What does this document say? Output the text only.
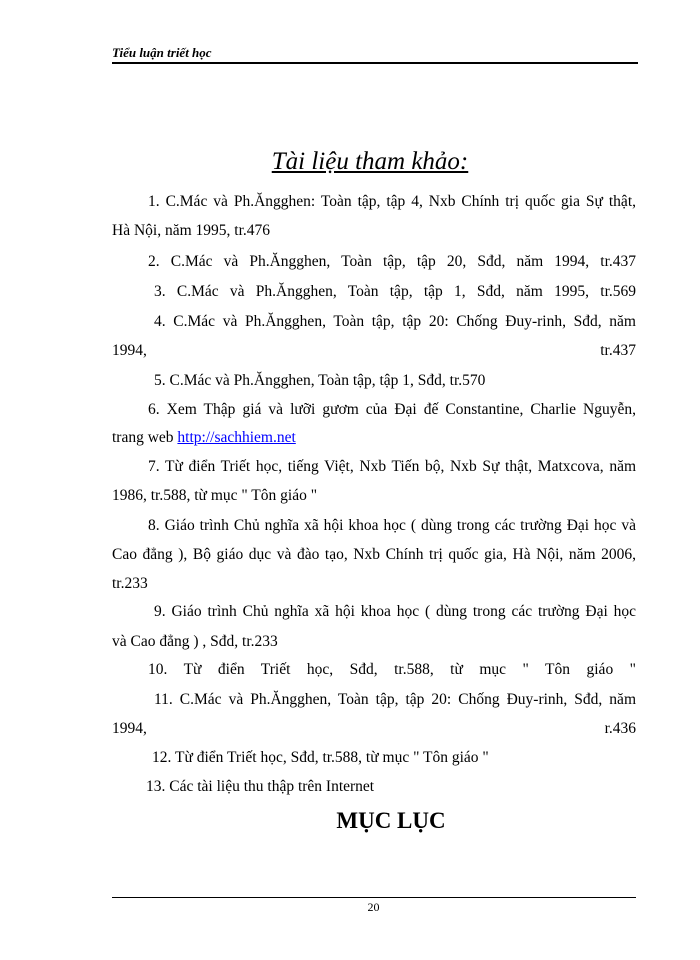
Tiểu luận triết học
Tài liệu tham khảo:
1. C.Mác và Ph.Ăngghen: Toàn tập, tập 4, Nxb Chính trị quốc gia Sự thật,
Hà Nội, năm 1995, tr.476
2. C.Mác và Ph.Ăngghen, Toàn tập, tập 20, Sđd, năm 1994, tr.437
3. C.Mác và Ph.Ăngghen, Toàn tập, tập 1, Sđd, năm 1995, tr.569
4. C.Mác và Ph.Ăngghen, Toàn tập, tập 20: Chống Đuy-rinh, Sđd, năm
1994,	tr.437
5. C.Mác và Ph.Ăngghen, Toàn tập, tập 1, Sđd, tr.570
6. Xem Thập giá và lưỡi gươm của Đại đế Constantine, Charlie Nguyễn,
trang web http://sachhiem.net
7. Từ điển Triết học, tiếng Việt, Nxb Tiến bộ, Nxb Sự thật, Matxcova, năm
1986, tr.588, từ mục " Tôn giáo "
8. Giáo trình Chủ nghĩa xã hội khoa học ( dùng trong các trường Đại học và
Cao đẳng ), Bộ giáo dục và đào tạo, Nxb Chính trị quốc gia, Hà Nội, năm 2006,
tr.233
9. Giáo trình Chủ nghĩa xã hội khoa học ( dùng trong các trường Đại học
và Cao đẳng ) , Sđd, tr.233
10. Từ điển Triết học, Sđd, tr.588, từ mục " Tôn giáo "
11. C.Mác và Ph.Ăngghen, Toàn tập, tập 20: Chống Đuy-rinh, Sđd, năm
1994,	r.436
12. Từ điển Triết học, Sđd, tr.588, từ mục " Tôn giáo "
13. Các tài liệu thu thập trên Internet
MỤC LỤC
20
